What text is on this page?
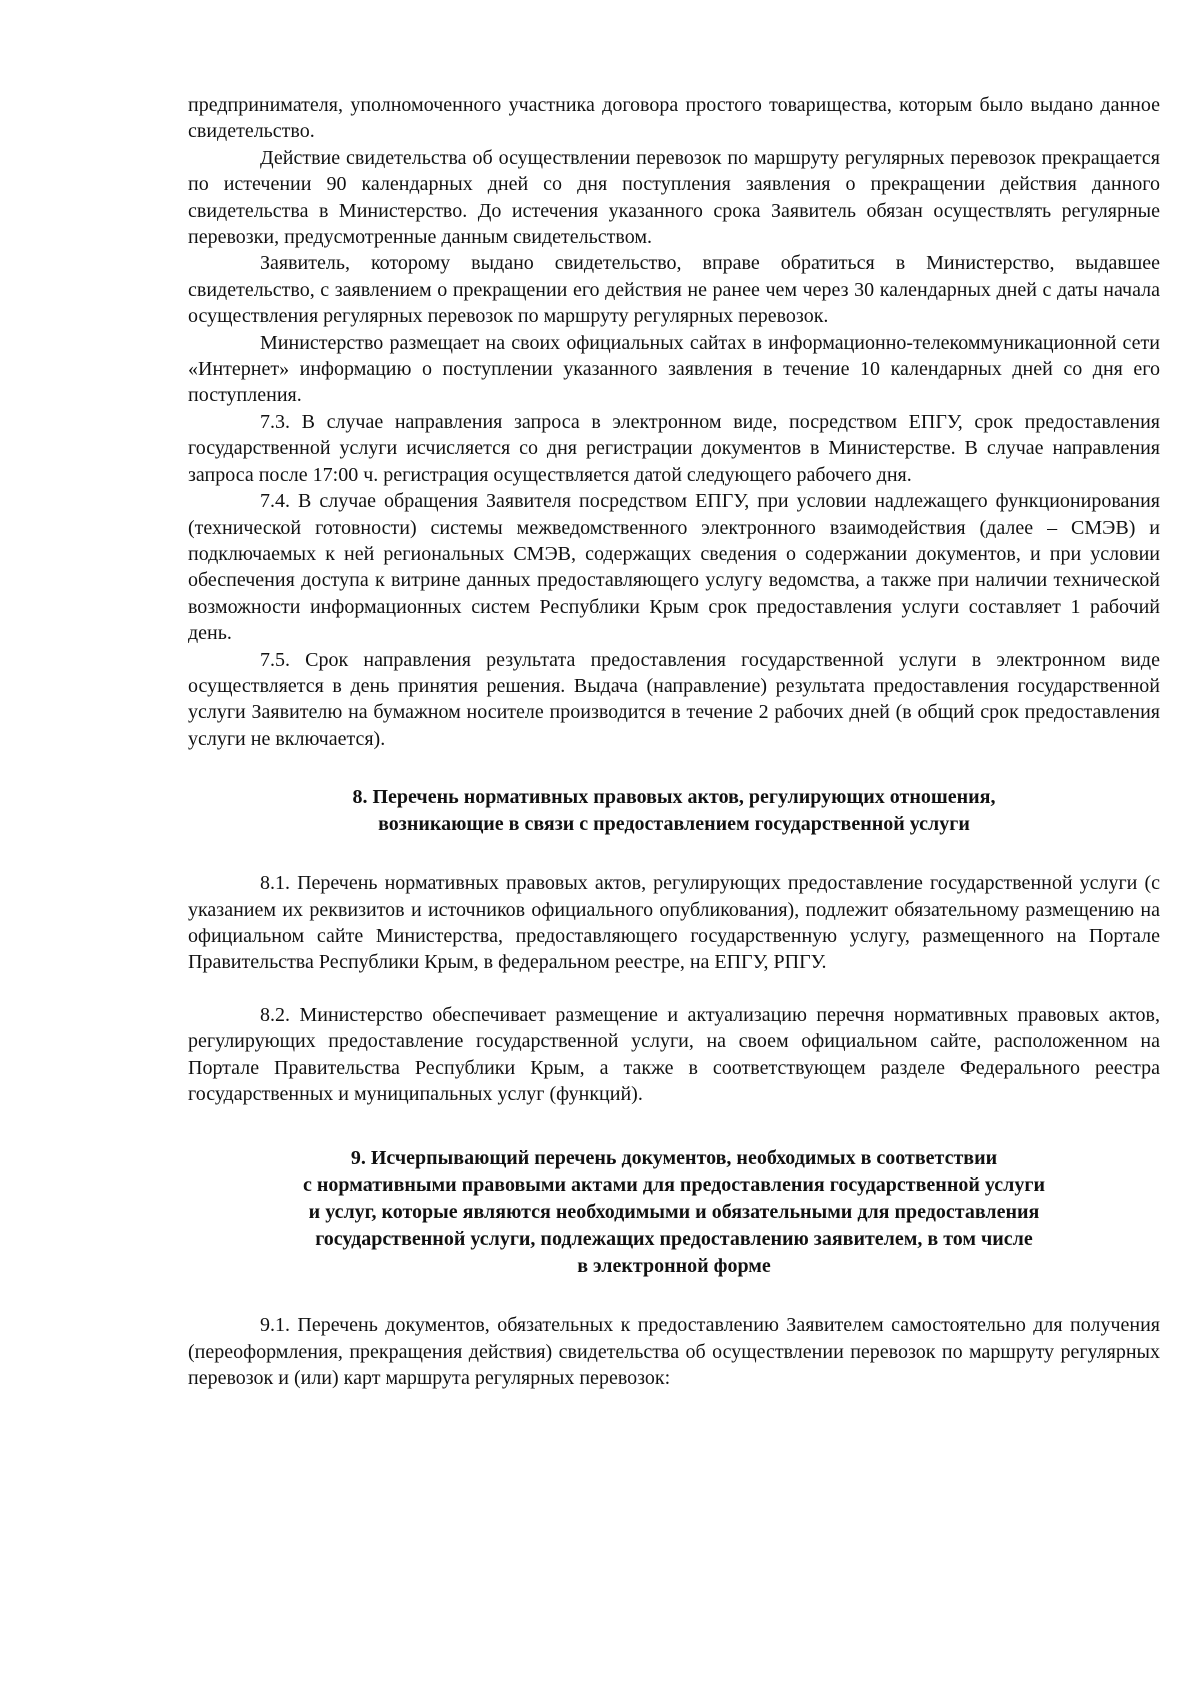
предпринимателя, уполномоченного участника договора простого товарищества, которым было выдано данное свидетельство.

Действие свидетельства об осуществлении перевозок по маршруту регулярных перевозок прекращается по истечении 90 календарных дней со дня поступления заявления о прекращении действия данного свидетельства в Министерство. До истечения указанного срока Заявитель обязан осуществлять регулярные перевозки, предусмотренные данным свидетельством.

Заявитель, которому выдано свидетельство, вправе обратиться в Министерство, выдавшее свидетельство, с заявлением о прекращении его действия не ранее чем через 30 календарных дней с даты начала осуществления регулярных перевозок по маршруту регулярных перевозок.

Министерство размещает на своих официальных сайтах в информационно-телекоммуникационной сети «Интернет» информацию о поступлении указанного заявления в течение 10 календарных дней со дня его поступления.

7.3. В случае направления запроса в электронном виде, посредством ЕПГУ, срок предоставления государственной услуги исчисляется со дня регистрации документов в Министерстве. В случае направления запроса после 17:00 ч. регистрация осуществляется датой следующего рабочего дня.

7.4. В случае обращения Заявителя посредством ЕПГУ, при условии надлежащего функционирования (технической готовности) системы межведомственного электронного взаимодействия (далее – СМЭВ) и подключаемых к ней региональных СМЭВ, содержащих сведения о содержании документов, и при условии обеспечения доступа к витрине данных предоставляющего услугу ведомства, а также при наличии технической возможности информационных систем Республики Крым срок предоставления услуги составляет 1 рабочий день.

7.5. Срок направления результата предоставления государственной услуги в электронном виде осуществляется в день принятия решения. Выдача (направление) результата предоставления государственной услуги Заявителю на бумажном носителе производится в течение 2 рабочих дней (в общий срок предоставления услуги не включается).

8. Перечень нормативных правовых актов, регулирующих отношения,
возникающие в связи с предоставлением государственной услуги

8.1. Перечень нормативных правовых актов, регулирующих предоставление государственной услуги (с указанием их реквизитов и источников официального опубликования), подлежит обязательному размещению на официальном сайте Министерства, предоставляющего государственную услугу, размещенного на Портале Правительства Республики Крым, в федеральном реестре, на ЕПГУ, РПГУ.

8.2. Министерство обеспечивает размещение и актуализацию перечня нормативных правовых актов, регулирующих предоставление государственной услуги, на своем официальном сайте, расположенном на Портале Правительства Республики Крым, а также в соответствующем разделе Федерального реестра государственных и муниципальных услуг (функций).

9. Исчерпывающий перечень документов, необходимых в соответствии
с нормативными правовыми актами для предоставления государственной услуги
и услуг, которые являются необходимыми и обязательными для предоставления
государственной услуги, подлежащих предоставлению заявителем, в том числе
в электронной форме

9.1. Перечень документов, обязательных к предоставлению Заявителем самостоятельно для получения (переоформления, прекращения действия) свидетельства об осуществлении перевозок по маршруту регулярных перевозок и (или) карт маршрута регулярных перевозок:
